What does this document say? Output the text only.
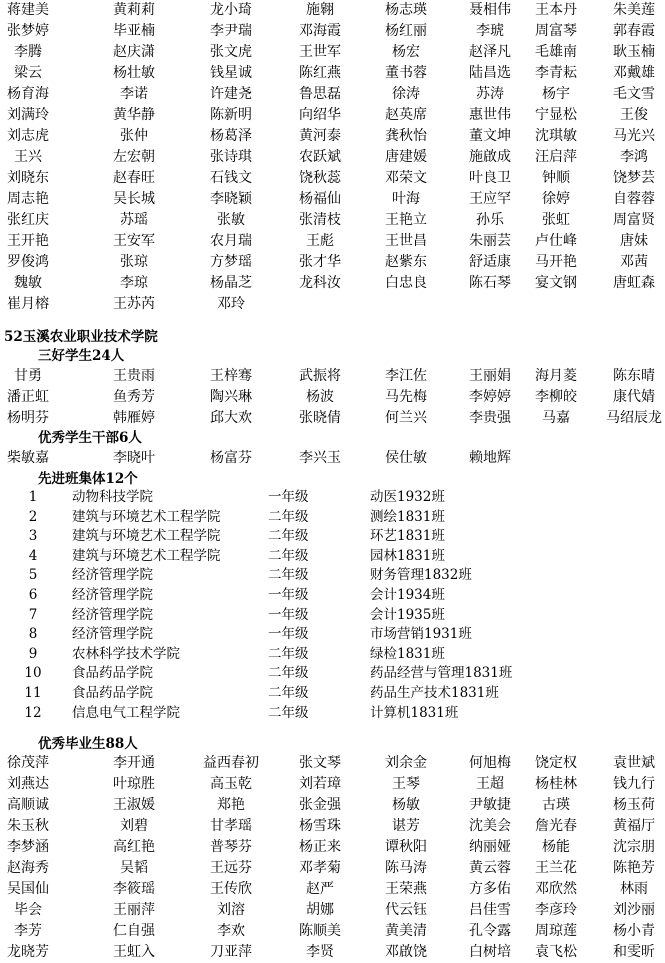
蒋建美	黄莉莉	龙小琦	施翱	杨志瑛	聂相伟	王本丹	朱美莲
张梦婷	毕亚楠	李尹瑞	邓海霞	杨红丽	李琥	周富琴	郭春霞
李腾	赵庆潇	张文虎	王世军	杨宏	赵泽凡	毛雄南	耿玉楠
梁云	杨壮敏	钱星诚	陈红燕	董书蓉	陆昌选	李青耘	邓戴雄
杨育海	李诺	许建尧	鲁思磊	徐涛	苏涛	杨宇	毛文雪
刘满玲	黄华静	陈新明	向绍华	赵英席	惠世伟	宁显松	王俊
刘志虎	张仲	杨葛泽	黄河泰	龚秋怡	董文坤	沈琪敏	马光兴
王兴	左宏朝	张诗琪	农跃斌	唐建媛	施啟成	汪启萍	李鸿
刘晓东	赵春旺	石钱文	饶秋蕊	邓荣文	叶良卫	钟顺	饶梦芸
周志艳	吴长城	李晓颖	杨福仙	叶海	王应罕	徐婷	自蓉蓉
张红庆	苏瑶	张敏	张清枝	王艳立	孙乐	张虹	周富贤
王开艳	王安军	农月瑞	王彪	王世昌	朱丽芸	卢仕峰	唐妹
罗俊鸿	张琼	方梦瑶	张才华	赵紫东	舒适康	马开艳	邓茜
魏敏	李琼	杨晶芝	龙科汝	白忠良	陈石琴	宴文钢	唐虹森
崔月榕	王苏芮	邓玲
52玉溪农业职业技术学院
三好学生24人
甘勇	王贵雨	王梓骞	武振将	李江佐	王丽娟	海月菱	陈东晴
潘正虹	鱼秀芳	陶兴琳	杨波	马先梅	李婷婷	李柳皎	康代婧
杨明芬	韩雁婷	邱大欢	张晓倩	何兰兴	李贵强	马嘉	马绍辰龙
优秀学生干部6人
柴敏嘉	李晓叶	杨富芬	李兴玉	侯仕敏	赖地辉
先进班集体12个
1	动物科技学院	一年级	动医1932班
2	建筑与环境艺术工程学院	二年级	测绘1831班
3	建筑与环境艺术工程学院	二年级	环艺1831班
4	建筑与环境艺术工程学院	二年级	园林1831班
5	经济管理学院	二年级	财务管理1832班
6	经济管理学院	一年级	会计1934班
7	经济管理学院	一年级	会计1935班
8	经济管理学院	一年级	市场营销1931班
9	农林科学技术学院	二年级	绿检1831班
10 食品药品学院	二年级	药品经营与管理1831班
11 食品药品学院	二年级	药品生产技术1831班
12 信息电气工程学院	二年级	计算机1831班
优秀毕业生88人
徐茂萍	李开通	益西春初	张文琴	刘余金	何旭梅	饶定权	袁世斌
刘燕达	叶琼胜	高玉乾	刘若璋	王琴	王超	杨桂林	钱九行
高顺诚	王淑媛	郑艳	张金强	杨敏	尹敏捷	古瑛	杨玉荷
朱玉秋	刘碧	甘孝瑶	杨雪珠	谌芳	沈美会	詹光春	黄福厅
李梦涵	高红艳	普琴芬	杨正来	谭秋阳	纳丽娅	杨能	沈宗朋
赵海秀	吴韬	王远芬	邓孝菊	陈马涛	黄云蓉	王兰花	陈艳芳
吴国仙	李筱瑶	王传欣	赵严	王荣燕	方多佑	邓欣然	林雨
毕会	王丽萍	刘溶	胡娜	代云钰	吕佳雪	李彦玲	刘沙丽
李芳	仁自强	李欢	陈顺美	黄美清	孔令露	周琼莲	杨小青
龙晓芳	王虹入	刀亚萍	李贤	邓啟饶	白树培	袁飞松	和雯昕
